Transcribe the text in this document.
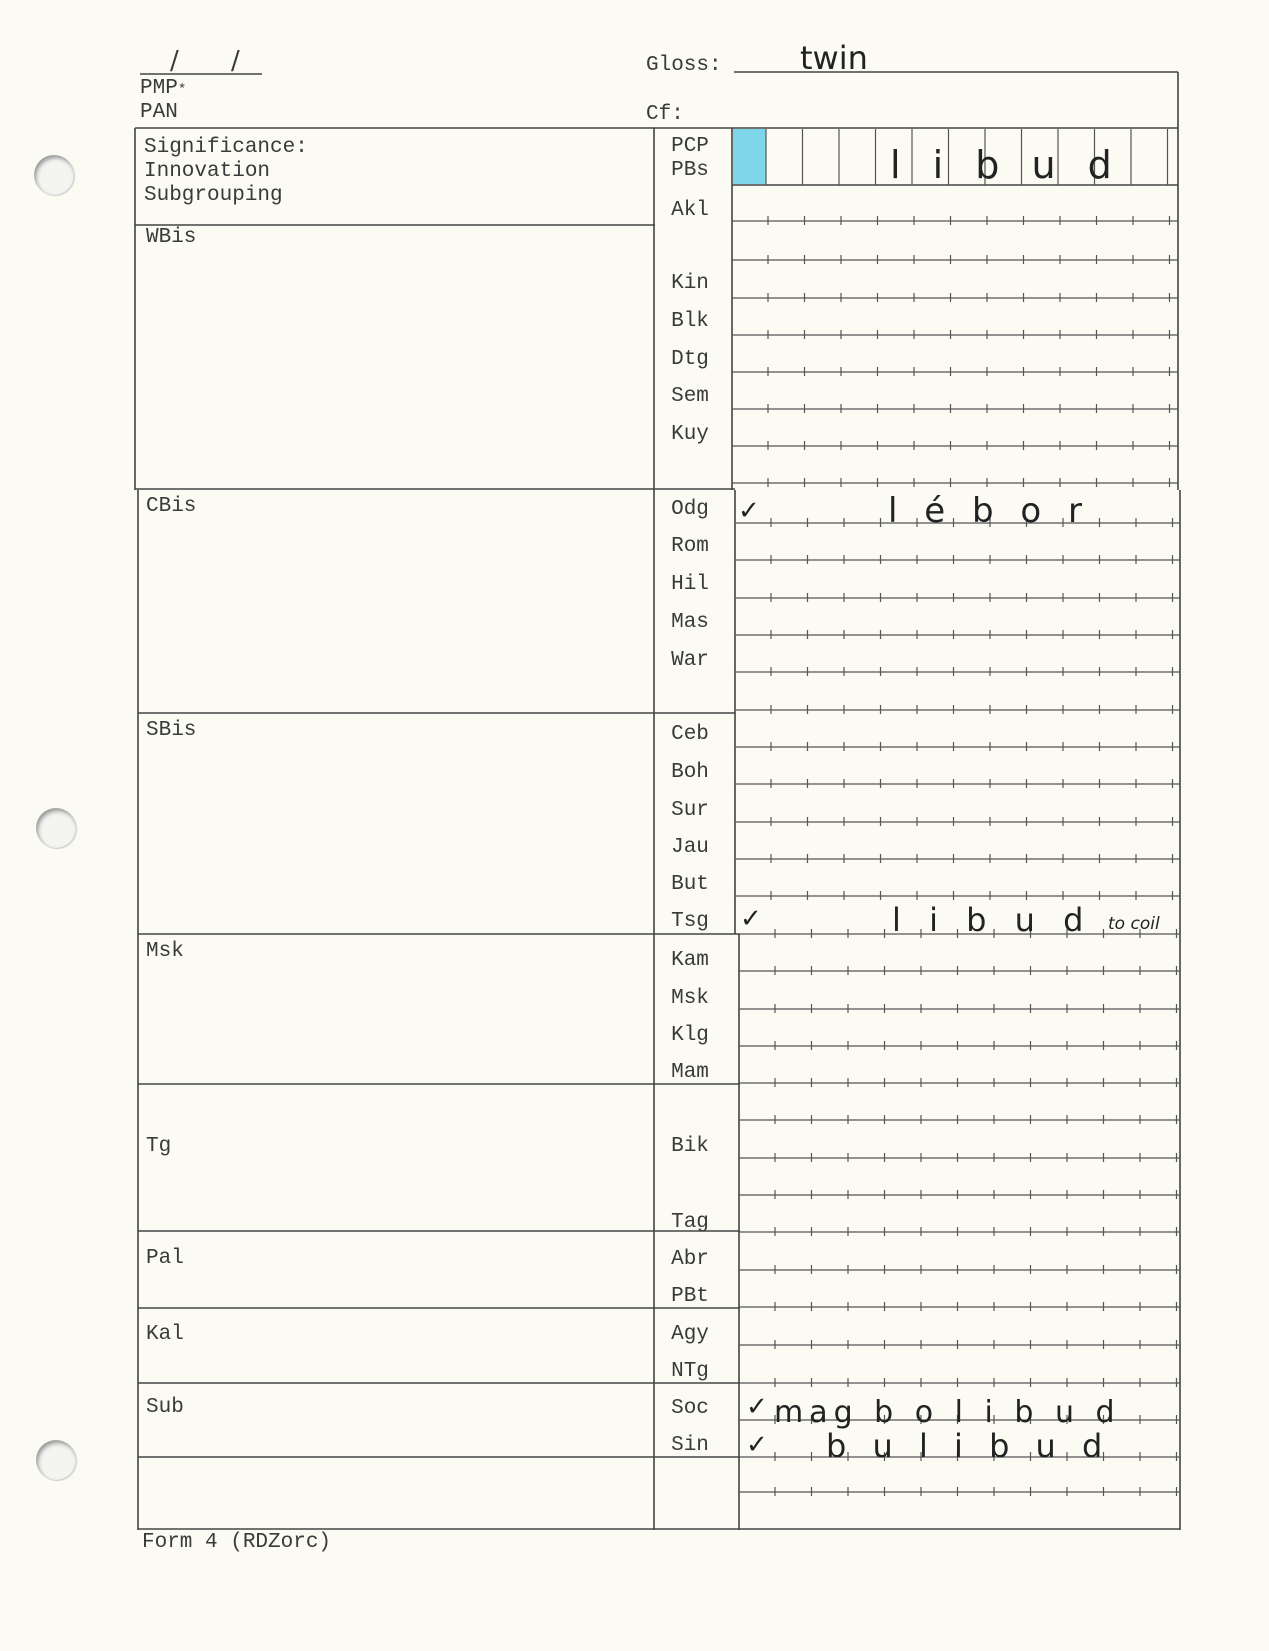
/ /
PMP*
PAN
Gloss: twin
Cf:
Significance:
Innovation
Subgrouping
WBis
CBis
SBis
Msk
Tg
Pal
Kal
Sub
PCP
PBs
Akl
Kin
Blk
Dtg
Sem
Kuy
Odg
Rom
Hil
Mas
War
Ceb
Boh
Sur
Jau
But
Tsg
Kam
Msk
Klg
Mam
Bik
Tag
Abr
PBt
Agy
NTg
Soc
Sin
l i b u d
✓	l é b o r
✓	l i b u d to coil
✓ mag b o l i b u d
✓ b u l i b u d
Form 4 (RDZorc)
